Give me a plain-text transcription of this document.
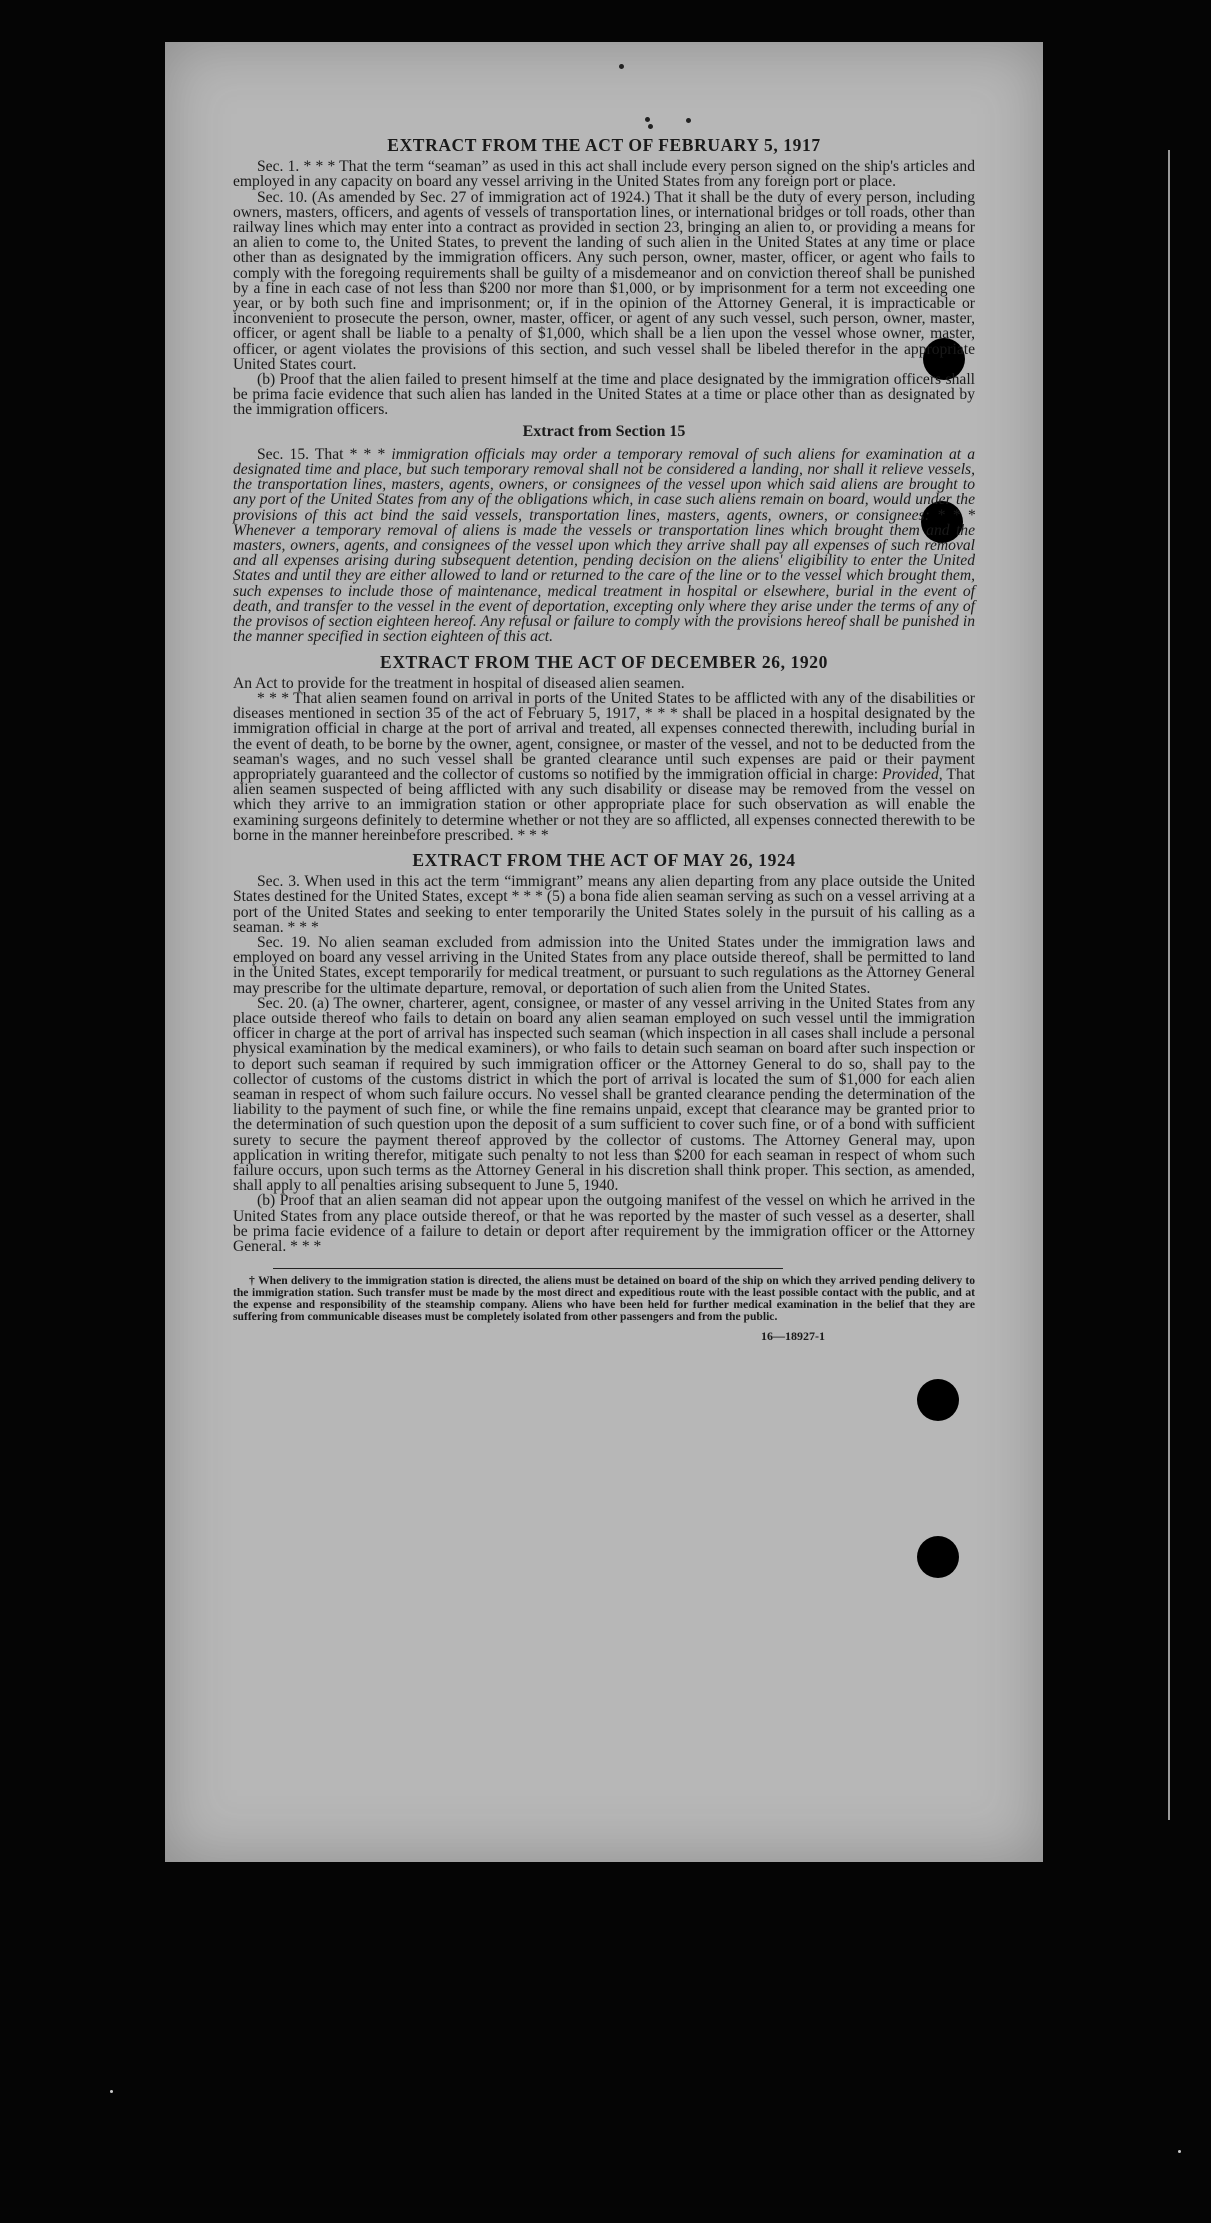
EXTRACT FROM THE ACT OF FEBRUARY 5, 1917

Sec. 1. * * * That the term “seaman” as used in this act shall include every person signed on the ship's articles and employed in any capacity on board any vessel arriving in the United States from any foreign port or place.

Sec. 10. (As amended by Sec. 27 of immigration act of 1924.) That it shall be the duty of every person, including owners, masters, officers, and agents of vessels of transportation lines, or international bridges or toll roads, other than railway lines which may enter into a contract as provided in section 23, bringing an alien to, or providing a means for an alien to come to, the United States, to prevent the landing of such alien in the United States at any time or place other than as designated by the immigration officers. Any such person, owner, master, officer, or agent who fails to comply with the foregoing requirements shall be guilty of a misdemeanor and on conviction thereof shall be punished by a fine in each case of not less than $200 nor more than $1,000, or by imprisonment for a term not exceeding one year, or by both such fine and imprisonment; or, if in the opinion of the Attorney General, it is impracticable or inconvenient to prosecute the person, owner, master, officer, or agent of any such vessel, such person, owner, master, officer, or agent shall be liable to a penalty of $1,000, which shall be a lien upon the vessel whose owner, master, officer, or agent violates the provisions of this section, and such vessel shall be libeled therefor in the appropriate United States court.

(b) Proof that the alien failed to present himself at the time and place designated by the immigration officers shall be prima facie evidence that such alien has landed in the United States at a time or place other than as designated by the immigration officers.

Extract from Section 15

Sec. 15. That * * * immigration officials may order a temporary removal of such aliens for examination at a designated time and place, but such temporary removal shall not be considered a landing, nor shall it relieve vessels, the transportation lines, masters, agents, owners, or consignees of the vessel upon which said aliens are brought to any port of the United States from any of the obligations which, in case such aliens remain on board, would under the provisions of this act bind the said vessels, transportation lines, masters, agents, owners, or consignees: * * * Whenever a temporary removal of aliens is made the vessels or transportation lines which brought them and the masters, owners, agents, and consignees of the vessel upon which they arrive shall pay all expenses of such removal and all expenses arising during subsequent detention, pending decision on the aliens' eligibility to enter the United States and until they are either allowed to land or returned to the care of the line or to the vessel which brought them, such expenses to include those of maintenance, medical treatment in hospital or elsewhere, burial in the event of death, and transfer to the vessel in the event of deportation, excepting only where they arise under the terms of any of the provisos of section eighteen hereof. Any refusal or failure to comply with the provisions hereof shall be punished in the manner specified in section eighteen of this act.

EXTRACT FROM THE ACT OF DECEMBER 26, 1920

An Act to provide for the treatment in hospital of diseased alien seamen.

* * * That alien seamen found on arrival in ports of the United States to be afflicted with any of the disabilities or diseases mentioned in section 35 of the act of February 5, 1917, * * * shall be placed in a hospital designated by the immigration official in charge at the port of arrival and treated, all expenses connected therewith, including burial in the event of death, to be borne by the owner, agent, consignee, or master of the vessel, and not to be deducted from the seaman's wages, and no such vessel shall be granted clearance until such expenses are paid or their payment appropriately guaranteed and the collector of customs so notified by the immigration official in charge: Provided, That alien seamen suspected of being afflicted with any such disability or disease may be removed from the vessel on which they arrive to an immigration station or other appropriate place for such observation as will enable the examining surgeons definitely to determine whether or not they are so afflicted, all expenses connected therewith to be borne in the manner hereinbefore prescribed. * * *

EXTRACT FROM THE ACT OF MAY 26, 1924

Sec. 3. When used in this act the term “immigrant” means any alien departing from any place outside the United States destined for the United States, except * * * (5) a bona fide alien seaman serving as such on a vessel arriving at a port of the United States and seeking to enter temporarily the United States solely in the pursuit of his calling as a seaman. * * *

Sec. 19. No alien seaman excluded from admission into the United States under the immigration laws and employed on board any vessel arriving in the United States from any place outside thereof, shall be permitted to land in the United States, except temporarily for medical treatment, or pursuant to such regulations as the Attorney General may prescribe for the ultimate departure, removal, or deportation of such alien from the United States.

Sec. 20. (a) The owner, charterer, agent, consignee, or master of any vessel arriving in the United States from any place outside thereof who fails to detain on board any alien seaman employed on such vessel until the immigration officer in charge at the port of arrival has inspected such seaman (which inspection in all cases shall include a personal physical examination by the medical examiners), or who fails to detain such seaman on board after such inspection or to deport such seaman if required by such immigration officer or the Attorney General to do so, shall pay to the collector of customs of the customs district in which the port of arrival is located the sum of $1,000 for each alien seaman in respect of whom such failure occurs. No vessel shall be granted clearance pending the determination of the liability to the payment of such fine, or while the fine remains unpaid, except that clearance may be granted prior to the determination of such question upon the deposit of a sum sufficient to cover such fine, or of a bond with sufficient surety to secure the payment thereof approved by the collector of customs. The Attorney General may, upon application in writing therefor, mitigate such penalty to not less than $200 for each seaman in respect of whom such failure occurs, upon such terms as the Attorney General in his discretion shall think proper. This section, as amended, shall apply to all penalties arising subsequent to June 5, 1940.

(b) Proof that an alien seaman did not appear upon the outgoing manifest of the vessel on which he arrived in the United States from any place outside thereof, or that he was reported by the master of such vessel as a deserter, shall be prima facie evidence of a failure to detain or deport after requirement by the immigration officer or the Attorney General. * * *

† When delivery to the immigration station is directed, the aliens must be detained on board of the ship on which they arrived pending delivery to the immigration station. Such transfer must be made by the most direct and expeditious route with the least possible contact with the public, and at the expense and responsibility of the steamship company. Aliens who have been held for further medical examination in the belief that they are suffering from communicable diseases must be completely isolated from other passengers and from the public.

16—18927-1
